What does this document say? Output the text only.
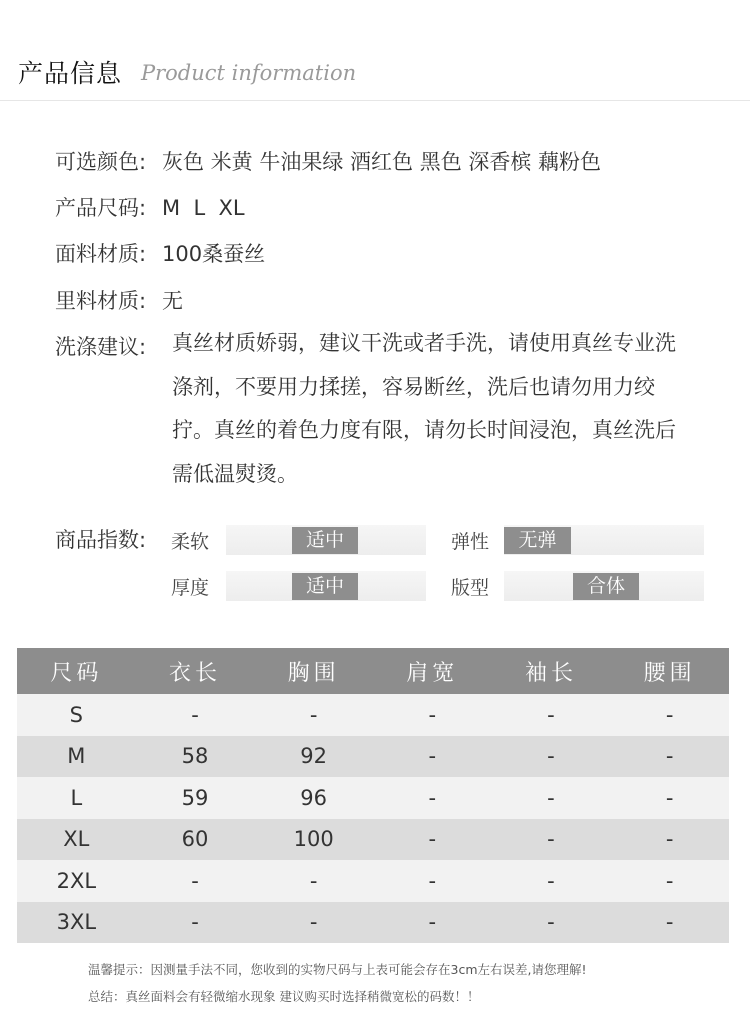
产品信息 Product information
可选颜色: 灰色 米黄 牛油果绿 酒红色 黑色 深香槟 藕粉色
产品尺码: M  L  XL
面料材质: 100桑蚕丝
里料材质: 无
洗涤建议: 真丝材质娇弱，建议干洗或者手洗，请使用真丝专业洗涤剂，不要用力揉搓，容易断丝，洗后也请勿用力绞拧。真丝的着色力度有限，请勿长时间浸泡，真丝洗后需低温熨烫。
商品指数: 柔软	适中	弹性	无弹
厚度	适中	版型	合体
尺码	衣长	胸围	肩宽	袖长	腰围
S	-	-	-	-	-
M	58	92	-	-	-
L	59	96	-	-	-
XL	60	100	-	-	-
2XL	-	-	-	-	-
3XL	-	-	-	-	-
温馨提示：因测量手法不同，您收到的实物尺码与上表可能会存在3cm左右误差,请您理解!
总结：真丝面料会有轻微缩水现象 建议购买时选择稍微宽松的码数！！
